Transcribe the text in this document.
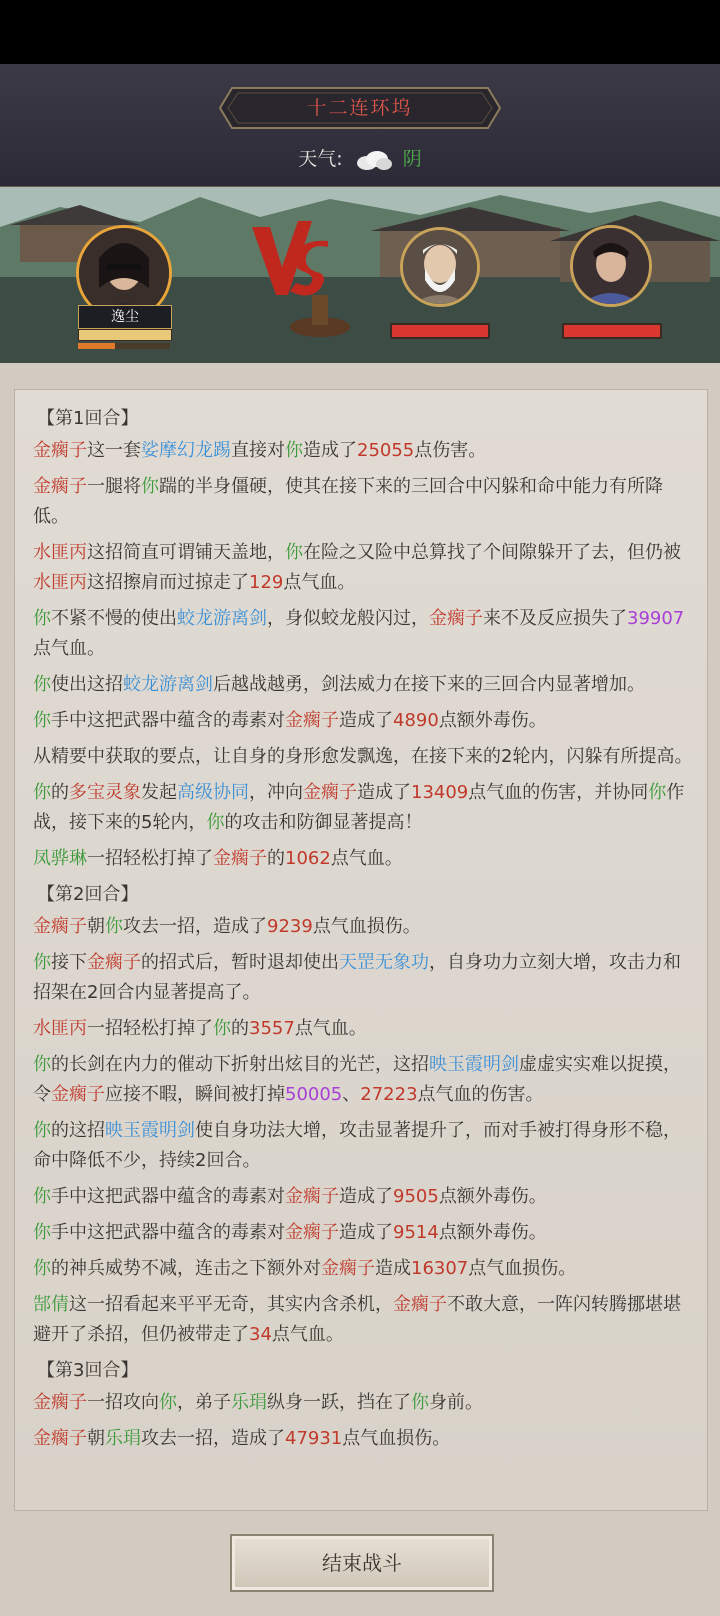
十二连环坞
天气:	阴
逸尘
【第1回合】
金瘸子这一套娑摩幻龙踢直接对你造成了25055点伤害。
金瘸子一腿将你踹的半身僵硬，使其在接下来的三回合中闪躲和命中能力有所降低。
水匪丙这招简直可谓铺天盖地，你在险之又险中总算找了个间隙躲开了去，但仍被水匪丙这招擦肩而过掠走了129点气血。
你不紧不慢的使出蛟龙游离剑，身似蛟龙般闪过，金瘸子来不及反应损失了39907点气血。
你使出这招蛟龙游离剑后越战越勇，剑法威力在接下来的三回合内显著增加。
你手中这把武器中蕴含的毒素对金瘸子造成了4890点额外毒伤。
从精要中获取的要点，让自身的身形愈发飘逸，在接下来的2轮内，闪躲有所提高。
你的多宝灵象发起高级协同，冲向金瘸子造成了13409点气血的伤害，并协同你作战，接下来的5轮内，你的攻击和防御显著提高！
凤骅琳一招轻松打掉了金瘸子的1062点气血。
【第2回合】
金瘸子朝你攻去一招，造成了9239点气血损伤。
你接下金瘸子的招式后，暂时退却使出天罡无象功，自身功力立刻大增，攻击力和招架在2回合内显著提高了。
水匪丙一招轻松打掉了你的3557点气血。
你的长剑在内力的催动下折射出炫目的光芒，这招映玉霞明剑虚虚实实难以捉摸，令金瘸子应接不暇，瞬间被打掉50005、27223点气血的伤害。
你的这招映玉霞明剑使自身功法大增，攻击显著提升了，而对手被打得身形不稳，命中降低不少，持续2回合。
你手中这把武器中蕴含的毒素对金瘸子造成了9505点额外毒伤。
你手中这把武器中蕴含的毒素对金瘸子造成了9514点额外毒伤。
你的神兵威势不减，连击之下额外对金瘸子造成16307点气血损伤。
郜倩这一招看起来平平无奇，其实内含杀机，金瘸子不敢大意，一阵闪转腾挪堪堪避开了杀招，但仍被带走了34点气血。
【第3回合】
金瘸子一招攻向你，弟子乐琄纵身一跃，挡在了你身前。
金瘸子朝乐琄攻去一招，造成了47931点气血损伤。
结束战斗
